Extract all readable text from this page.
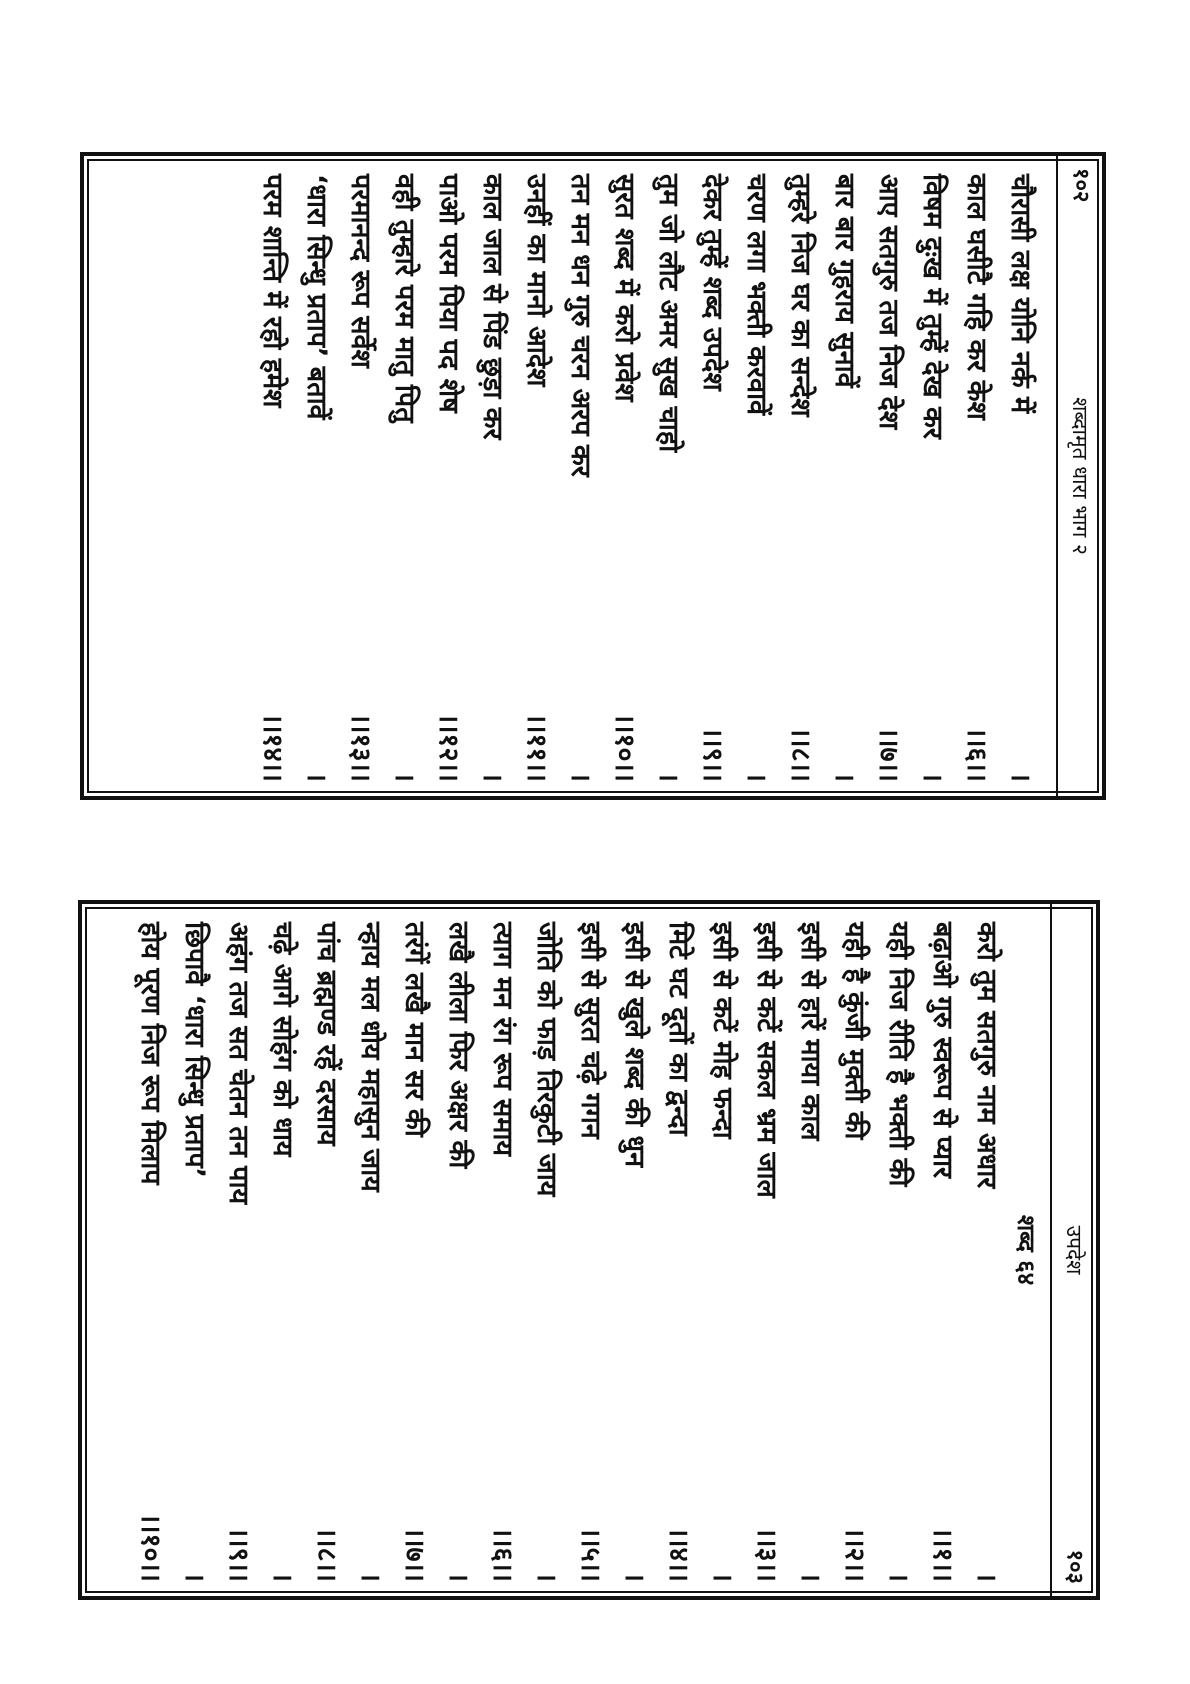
१०२
शब्दामृत धारा भाग २
चौरासी लक्ष योनि नर्क में
।
काल घसीटै गहि कर केश
।।६।।
विषम दुःख में तुम्हें देख कर
।
आए सतगुरु तज निज देश
।।७।।
बार बार गुहराय सुनावें
।
तुम्हरे निज घर का सन्देश
।।८।।
चरण लगा भक्ती करवावें
।
देकर तुम्हें शब्द उपदेश
।।९।।
तुम जो लौट अमर सुख चाहो
।
सुरत शब्द में करो प्रवेश
।।१०।।
तन मन धन गुरु चरन अरप कर
।
उनहीं का मानो आदेश
।।११।।
काल जाल से पिंड छुड़ा कर
।
पाओ परम पिया पद शेष
।।१२।।
वही तुम्हारे परम मातु पितु
।
परमानन्द रूप सर्वेश
।।१३।।
‘धारा सिन्धु प्रताप’ बतावें
।
परम शान्ति में रहो हमेश
।।१४।।
उपदेश
१०३
शब्द ६४
करो तुम सतगुरु नाम अधार
।
बढ़ाओ गुरु स्वरूप से प्यार
।।१।।
यही निज रीति है भक्ती की
।
यही है कुंजी मुक्ती की
।।२।।
इसी से हारें माया काल
।
इसी से कटें सकल भ्रम जाल
।।३।।
इसी से कटें मोह फन्दा
।
मिटे घट दूतों का द्वन्दा
।।४।।
इसी से खुले शब्द की धुन
।
इसी से सुरत चढ़े गगन
।।५।।
जोति को फाड़ तिरकुटी जाय
।
त्याग मन रंग रूप समाय
।।६।।
लखै लीला फिर अक्षर की
।
तरंगें लखै मान सर की
।।७।।
न्हाय मल धोय महासुन जाय
।
पांच ब्रह्मण्ड रहें दरसाय
।।८।।
चढ़े आगे सोहंग को धाय
।
अहंग तज सत चेतन तन पाय
।।९।।
छिपावै ‘धारा सिन्धु प्रताप’
।
होय पूरण निज रूप मिलाप
।।१०।।
